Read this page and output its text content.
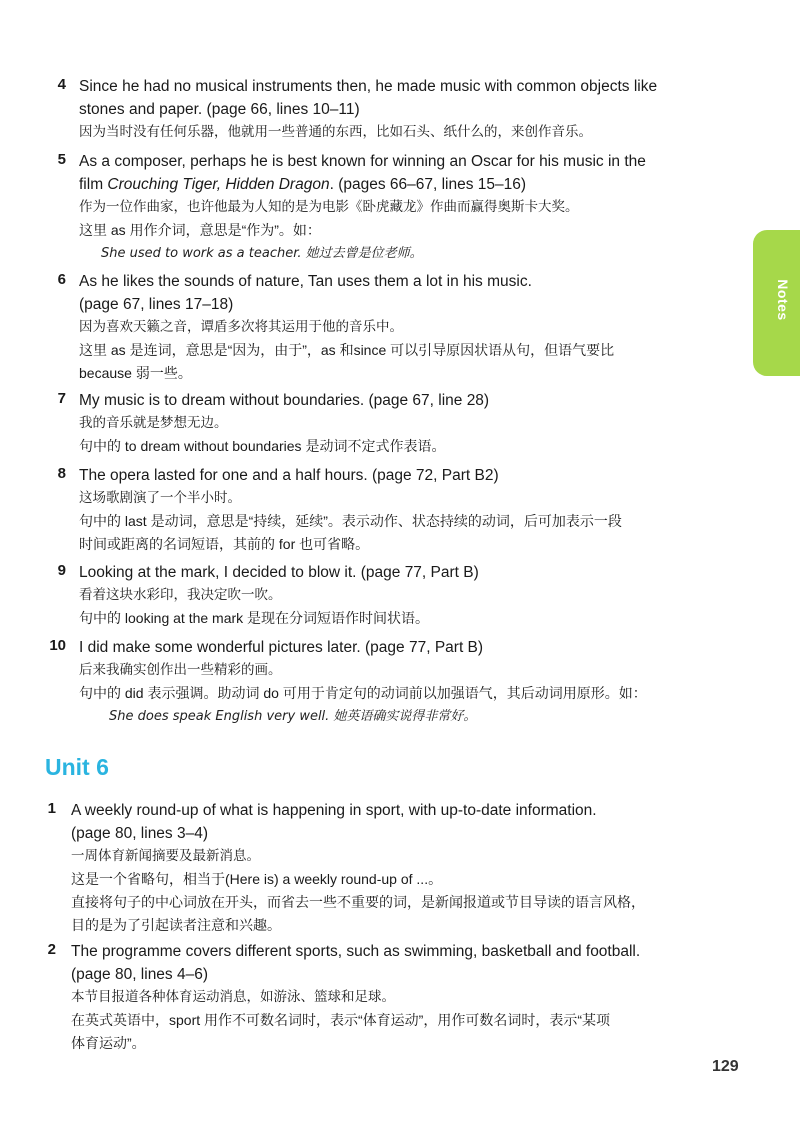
Notes
4 Since he had no musical instruments then, he made music with common objects like
stones and paper. (page 66, lines 10–11)
因为当时没有任何乐器，他就用一些普通的东西，比如石头、纸什么的，来创作音乐。
5 As a composer, perhaps he is best known for winning an Oscar for his music in the
film Crouching Tiger, Hidden Dragon. (pages 66–67, lines 15–16)
作为一位作曲家，也许他最为人知的是为电影《卧虎藏龙》作曲而赢得奥斯卡大奖。
这里 as 用作介词，意思是“作为”。如：
She used to work as a teacher. 她过去曾是位老师。
6 As he likes the sounds of nature, Tan uses them a lot in his music.
(page 67, lines 17–18)
因为喜欢天籁之音，谭盾多次将其运用于他的音乐中。
这里 as 是连词，意思是“因为，由于”，as 和since 可以引导原因状语从句，但语气要比
because 弱一些。
7 My music is to dream without boundaries. (page 67, line 28)
我的音乐就是梦想无边。
句中的 to dream without boundaries 是动词不定式作表语。
8 The opera lasted for one and a half hours. (page 72, Part B2)
这场歌剧演了一个半小时。
句中的 last 是动词，意思是“持续，延续”。表示动作、状态持续的动词，后可加表示一段
时间或距离的名词短语，其前的 for 也可省略。
9 Looking at the mark, I decided to blow it. (page 77, Part B)
看着这块水彩印，我决定吹一吹。
句中的 looking at the mark 是现在分词短语作时间状语。
10 I did make some wonderful pictures later. (page 77, Part B)
后来我确实创作出一些精彩的画。
句中的 did 表示强调。助动词 do 可用于肯定句的动词前以加强语气，其后动词用原形。如：
She does speak English very well. 她英语确实说得非常好。
Unit 6
1 A weekly round-up of what is happening in sport, with up-to-date information.
(page 80, lines 3–4)
一周体育新闻摘要及最新消息。
这是一个省略句，相当于(Here is) a weekly round-up of ...。
直接将句子的中心词放在开头，而省去一些不重要的词，是新闻报道或节目导读的语言风格，
目的是为了引起读者注意和兴趣。
2 The programme covers different sports, such as swimming, basketball and football.
(page 80, lines 4–6)
本节目报道各种体育运动消息，如游泳、篮球和足球。
在英式英语中，sport 用作不可数名词时，表示“体育运动”，用作可数名词时，表示“某项
体育运动”。
129
